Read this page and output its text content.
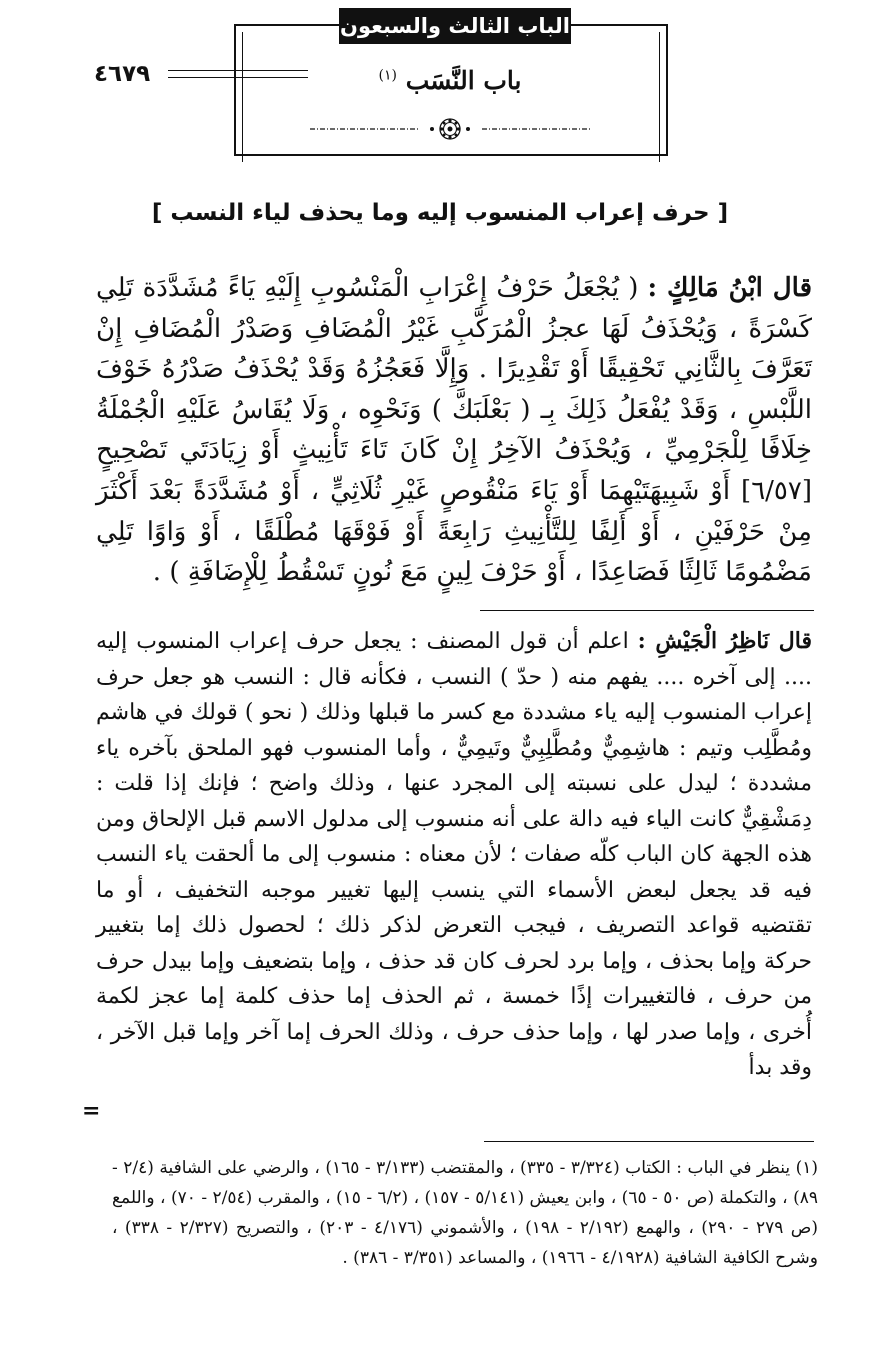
الباب الثالث والسبعون
باب النَّسَب $^{(١)}$
٤٦٧٩
[ حرف إعراب المنسوب إليه وما يحذف لياء النسب ]

قال ابْنُ مَالِكٍ : ( يُجْعَلُ حَرْفُ إِعْرَابِ الْمَنْسُوبِ إِلَيْهِ يَاءً مُشَدَّدَة تَلِي كَسْرَةً ، وَيُحْذَفُ لَهَا عجزُ الْمُرَكَّبِ غَيْرُ الْمُضَافِ وَصَدْرُ الْمُضَافِ إِنْ تَعَرَّفَ بِالثَّانِي تَحْقِيقًا أَوْ تَقْدِيرًا . وَإِلَّا فَعَجُزُهُ وَقَدْ يُحْذَفُ صَدْرُهُ خَوْفَ اللَّبْسِ ، وَقَدْ يُفْعَلُ ذَلِكَ بِـ ( بَعْلَبَكَّ ) وَنَحْوِه ، وَلَا يُقَاسُ عَلَيْهِ الْجُمْلَةُ خِلَافًا لِلْجَرْمِيِّ ، وَيُحْذَفُ الآخِرُ إِنْ كَانَ تَاءَ تَأْنِيثٍ أَوْ زِيَادَتَي تَصْحِيحٍ [٦/٥٧] أَوْ شَبِيهَتَيْهِمَا أَوْ يَاءَ مَنْقُوصٍ غَيْرِ ثُلَاثِيٍّ ، أَوْ مُشَدَّدَةً بَعْدَ أَكْثَرَ مِنْ حَرْفَيْنِ ، أَوْ أَلِفًا لِلتَّأْنِيثِ رَابِعَةً أَوْ فَوْقَهَا مُطْلَقًا ، أَوْ وَاوًا تَلِي مَضْمُومًا ثَالِثًا فَصَاعِدًا ، أَوْ حَرْفَ لِينٍ مَعَ نُونٍ تَسْقُطُ لِلْإِضَافَةِ ) .

قال نَاظِرُ الْجَيْشِ : اعلم أن قول المصنف : يجعل حرف إعراب المنسوب إليه .... إلى آخره .... يفهم منه ( حدّ ) النسب ، فكأنه قال : النسب هو جعل حرف إعراب المنسوب إليه ياء مشددة مع كسر ما قبلها وذلك ( نحو ) قولك في هاشم ومُطَّلِب وتيم : هاشِمِيٌّ ومُطَّلِبِيٌّ وتَيمِيٌّ ، وأما المنسوب فهو الملحق بآخره ياء مشددة ؛ ليدل على نسبته إلى المجرد عنها ، وذلك واضح ؛ فإنك إذا قلت : دِمَشْقِيٌّ كانت الياء فيه دالة على أنه منسوب إلى مدلول الاسم قبل الإلحاق ومن هذه الجهة كان الباب كلّه صفات ؛ لأن معناه : منسوب إلى ما ألحقت ياء النسب فيه قد يجعل لبعض الأسماء التي ينسب إليها تغيير موجبه التخفيف ، أو ما تقتضيه قواعد التصريف ، فيجب التعرض لذكر ذلك ؛ لحصول ذلك إما بتغيير حركة وإما بحذف ، وإما برد لحرف كان قد حذف ، وإما بتضعيف وإما بيدل حرف من حرف ، فالتغييرات إذًا خمسة ، ثم الحذف إما حذف كلمة إما عجز لكمة أُخرى ، وإما صدر لها ، وإما حذف حرف ، وذلك الحرف إما آخر وإما قبل الآخر ، وقد بدأ

=

(١) ينظر في الباب : الكتاب (٣/٣٢٤ - ٣٣٥) ، والمقتضب (٣/١٣٣ - ١٦٥) ، والرضي على الشافية (٢/٤ - ٨٩) ، والتكملة (ص ٥٠ - ٦٥) ، وابن يعيش (٥/١٤١ - ١٥٧) ، (٦/٢ - ١٥) ، والمقرب (٢/٥٤ - ٧٠) ، واللمع (ص ٢٧٩ - ٢٩٠) ، والهمع (٢/١٩٢ - ١٩٨) ، والأشموني (٤/١٧٦ - ٢٠٣) ، والتصريح (٢/٣٢٧ - ٣٣٨) ، وشرح الكافية الشافية (٤/١٩٢٨ - ١٩٦٦) ، والمساعد (٣/٣٥١ - ٣٨٦) .
